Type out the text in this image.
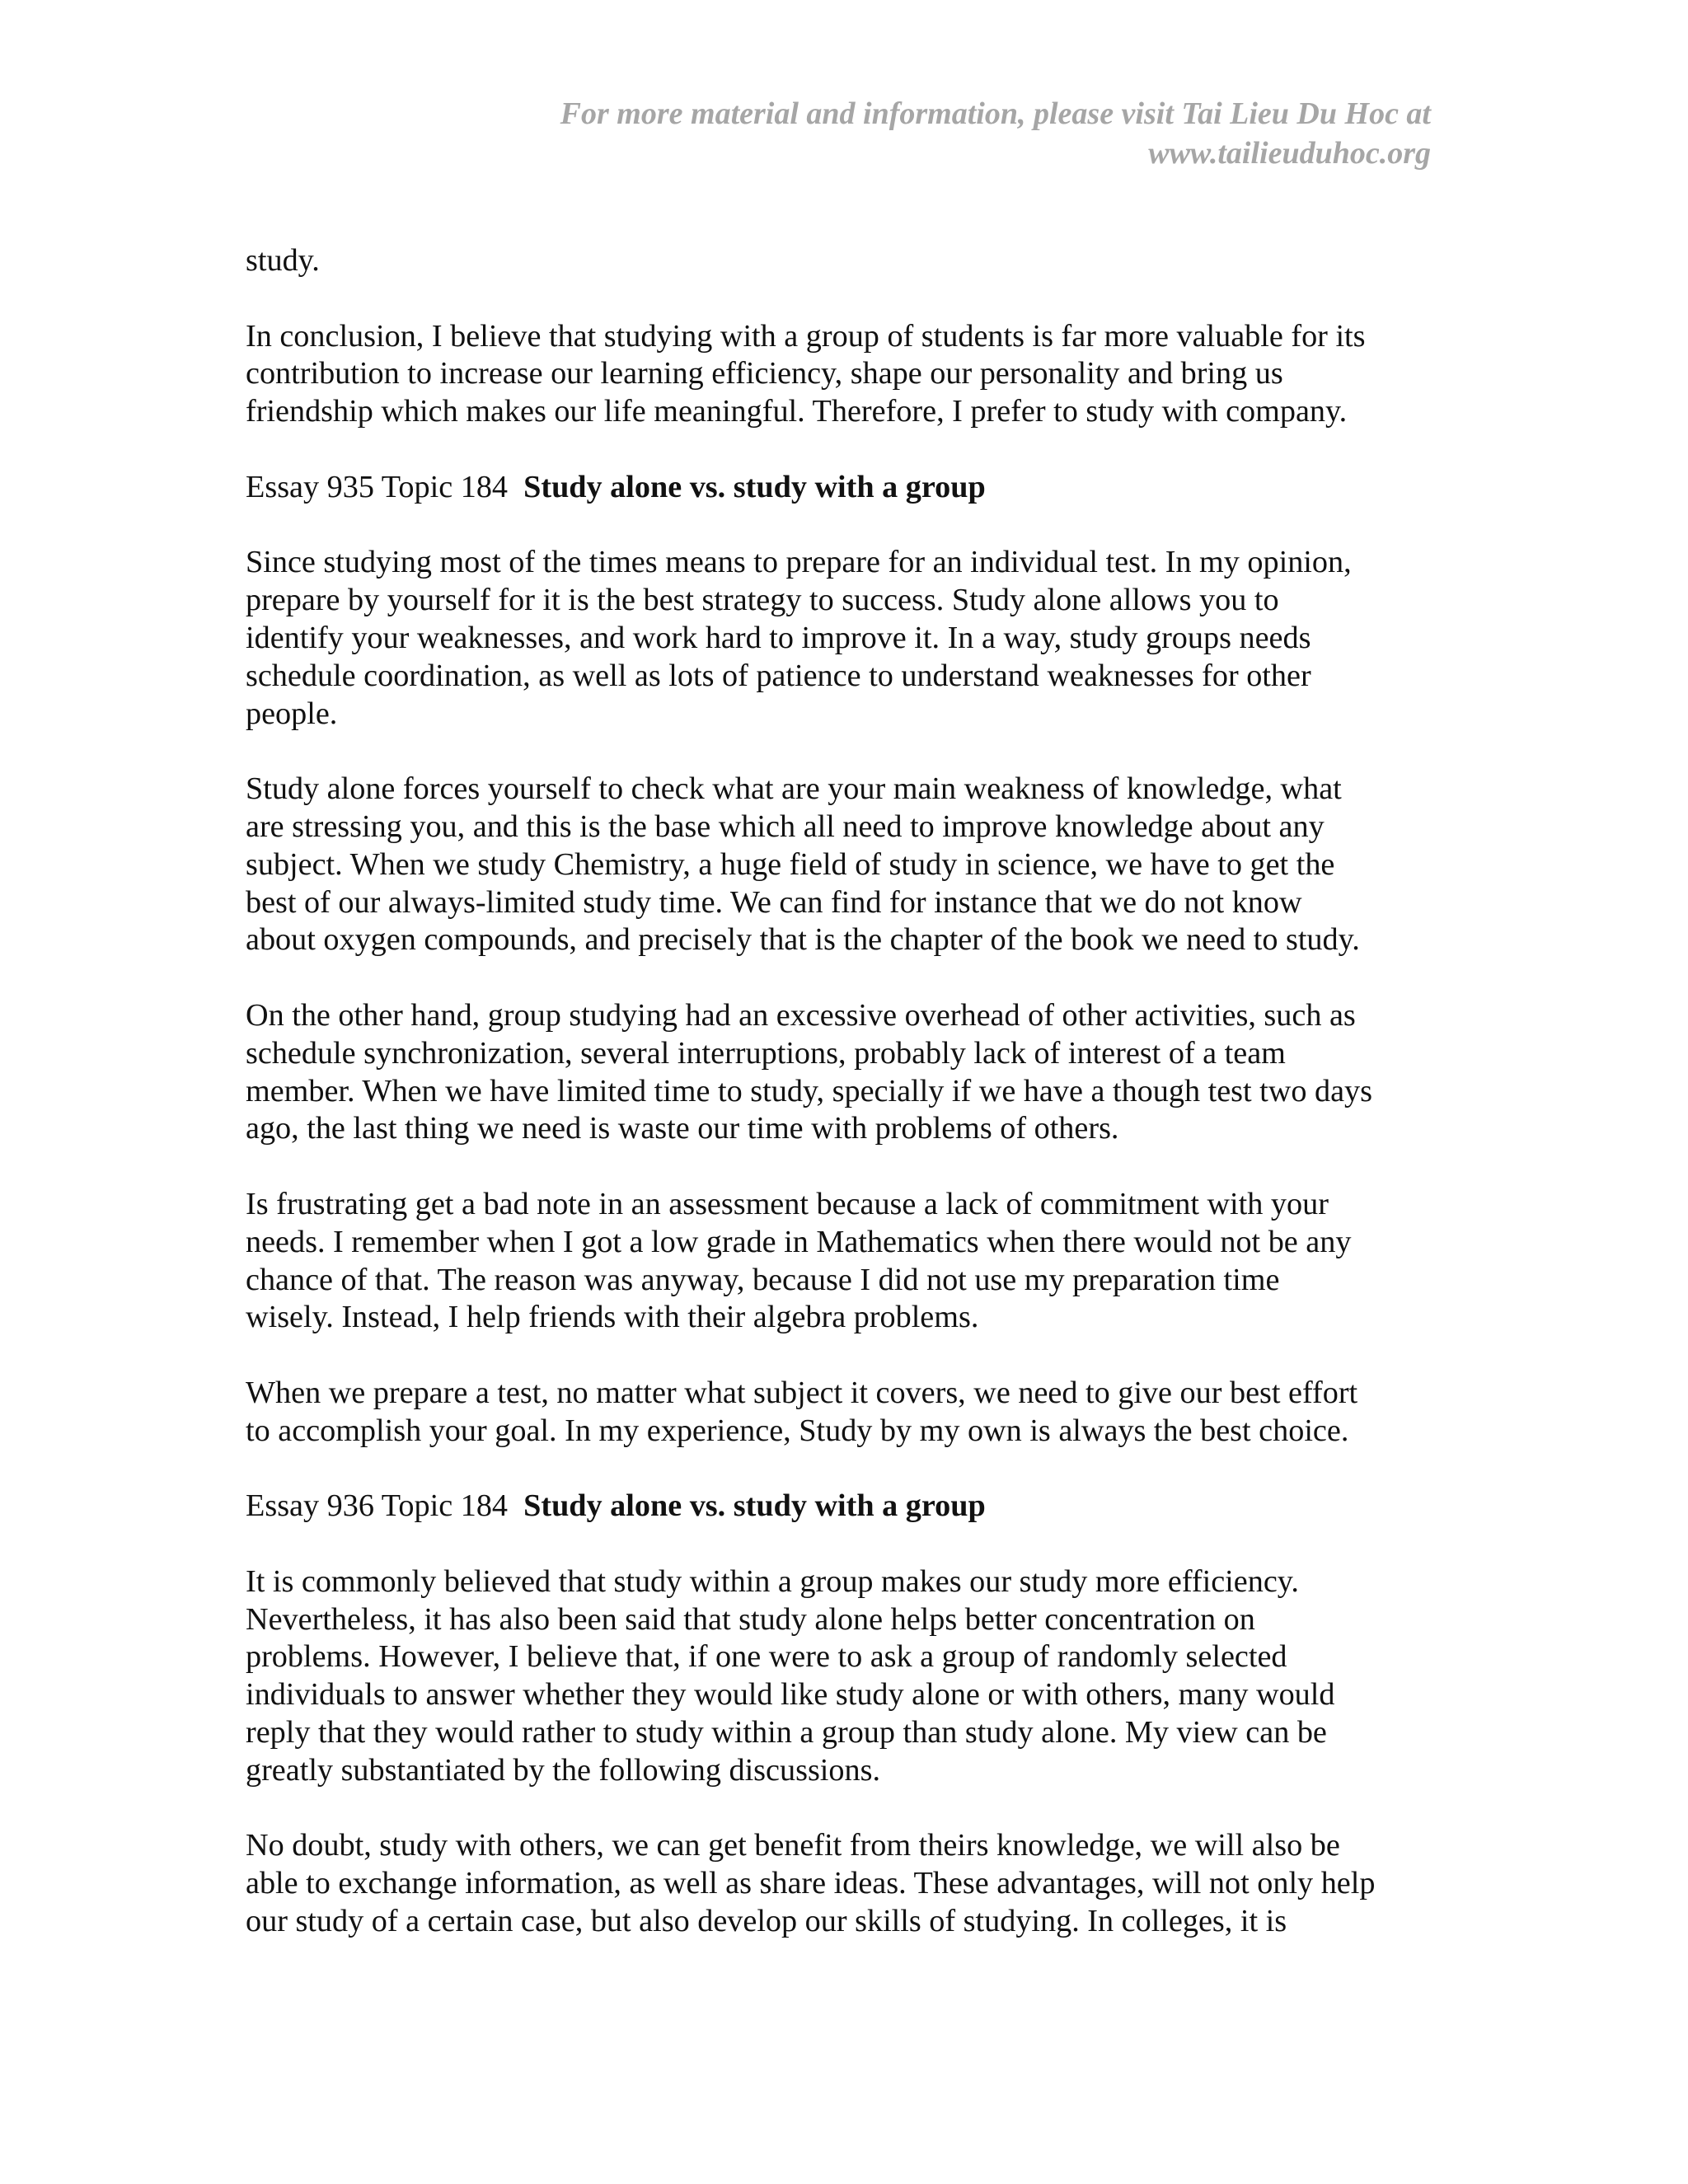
For more material and information, please visit Tai Lieu Du Hoc at
www.tailieuduhoc.org
study.
In conclusion, I believe that studying with a group of students is far more valuable for its
contribution to increase our learning efficiency, shape our personality and bring us
friendship which makes our life meaningful. Therefore, I prefer to study with company.
Essay 935 Topic 184  Study alone vs. study with a group
Since studying most of the times means to prepare for an individual test. In my opinion,
prepare by yourself for it is the best strategy to success. Study alone allows you to
identify your weaknesses, and work hard to improve it. In a way, study groups needs
schedule coordination, as well as lots of patience to understand weaknesses for other
people.
Study alone forces yourself to check what are your main weakness of knowledge, what
are stressing you, and this is the base which all need to improve knowledge about any
subject. When we study Chemistry, a huge field of study in science, we have to get the
best of our always-limited study time. We can find for instance that we do not know
about oxygen compounds, and precisely that is the chapter of the book we need to study.
On the other hand, group studying had an excessive overhead of other activities, such as
schedule synchronization, several interruptions, probably lack of interest of a team
member. When we have limited time to study, specially if we have a though test two days
ago, the last thing we need is waste our time with problems of others.
Is frustrating get a bad note in an assessment because a lack of commitment with your
needs. I remember when I got a low grade in Mathematics when there would not be any
chance of that. The reason was anyway, because I did not use my preparation time
wisely. Instead, I help friends with their algebra problems.
When we prepare a test, no matter what subject it covers, we need to give our best effort
to accomplish your goal. In my experience, Study by my own is always the best choice.
Essay 936 Topic 184  Study alone vs. study with a group
It is commonly believed that study within a group makes our study more efficiency.
Nevertheless, it has also been said that study alone helps better concentration on
problems. However, I believe that, if one were to ask a group of randomly selected
individuals to answer whether they would like study alone or with others, many would
reply that they would rather to study within a group than study alone. My view can be
greatly substantiated by the following discussions.
No doubt, study with others, we can get benefit from theirs knowledge, we will also be
able to exchange information, as well as share ideas. These advantages, will not only help
our study of a certain case, but also develop our skills of studying. In colleges, it is
